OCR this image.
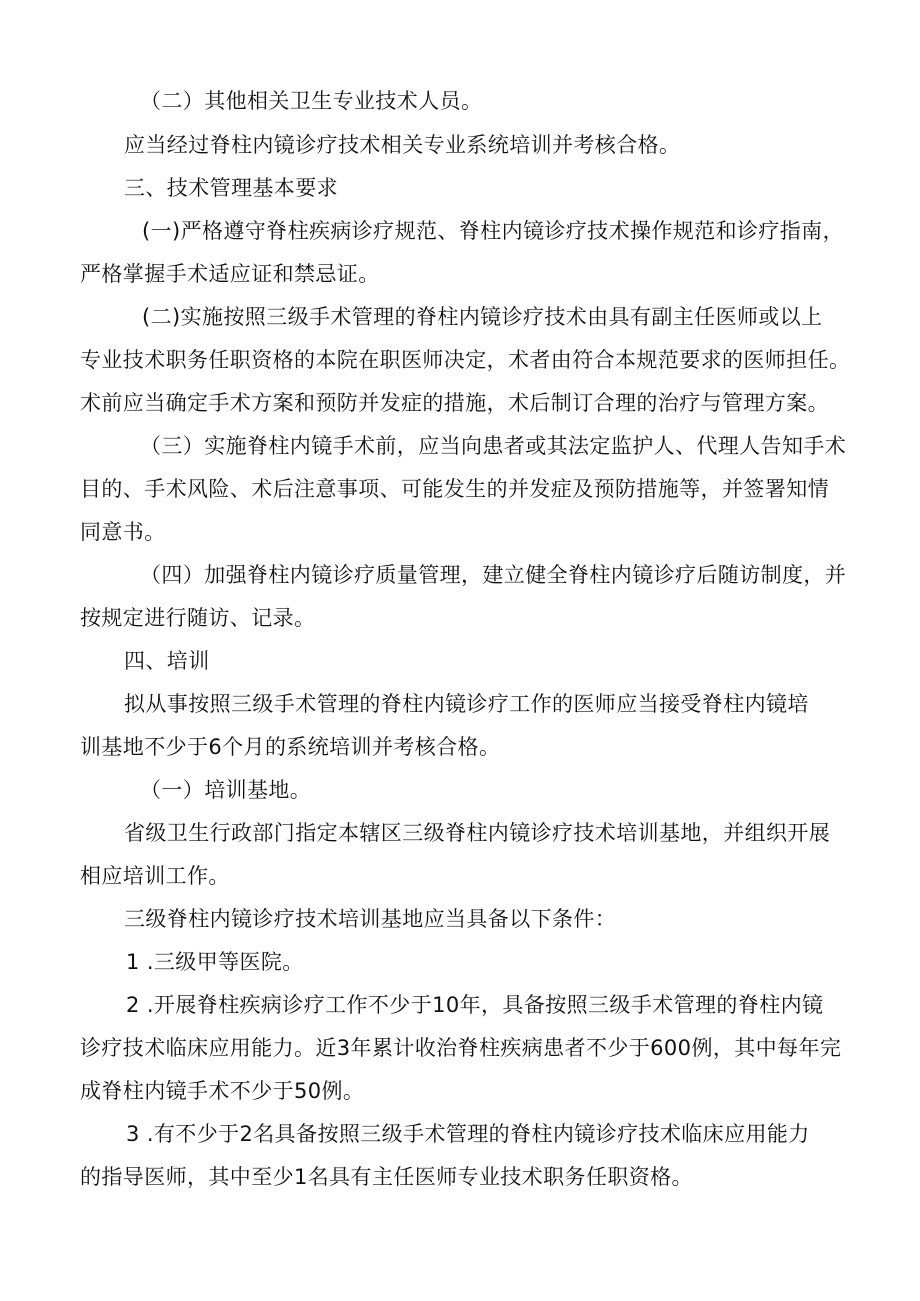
（二）其他相关卫生专业技术人员。
应当经过脊柱内镜诊疗技术相关专业系统培训并考核合格。
三、技术管理基本要求
(一)严格遵守脊柱疾病诊疗规范、脊柱内镜诊疗技术操作规范和诊疗指南，
严格掌握手术适应证和禁忌证。
(二)实施按照三级手术管理的脊柱内镜诊疗技术由具有副主任医师或以上
专业技术职务任职资格的本院在职医师决定，术者由符合本规范要求的医师担任。
术前应当确定手术方案和预防并发症的措施，术后制订合理的治疗与管理方案。
（三）实施脊柱内镜手术前，应当向患者或其法定监护人、代理人告知手术
目的、手术风险、术后注意事项、可能发生的并发症及预防措施等，并签署知情
同意书。
（四）加强脊柱内镜诊疗质量管理，建立健全脊柱内镜诊疗后随访制度，并
按规定进行随访、记录。
四、培训
拟从事按照三级手术管理的脊柱内镜诊疗工作的医师应当接受脊柱内镜培
训基地不少于6个月的系统培训并考核合格。
（一）培训基地。
省级卫生行政部门指定本辖区三级脊柱内镜诊疗技术培训基地，并组织开展
相应培训工作。
三级脊柱内镜诊疗技术培训基地应当具备以下条件：
1 .三级甲等医院。
2 .开展脊柱疾病诊疗工作不少于10年，具备按照三级手术管理的脊柱内镜
诊疗技术临床应用能力。近3年累计收治脊柱疾病患者不少于600例，其中每年完
成脊柱内镜手术不少于50例。
3 .有不少于2名具备按照三级手术管理的脊柱内镜诊疗技术临床应用能力
的指导医师，其中至少1名具有主任医师专业技术职务任职资格。
